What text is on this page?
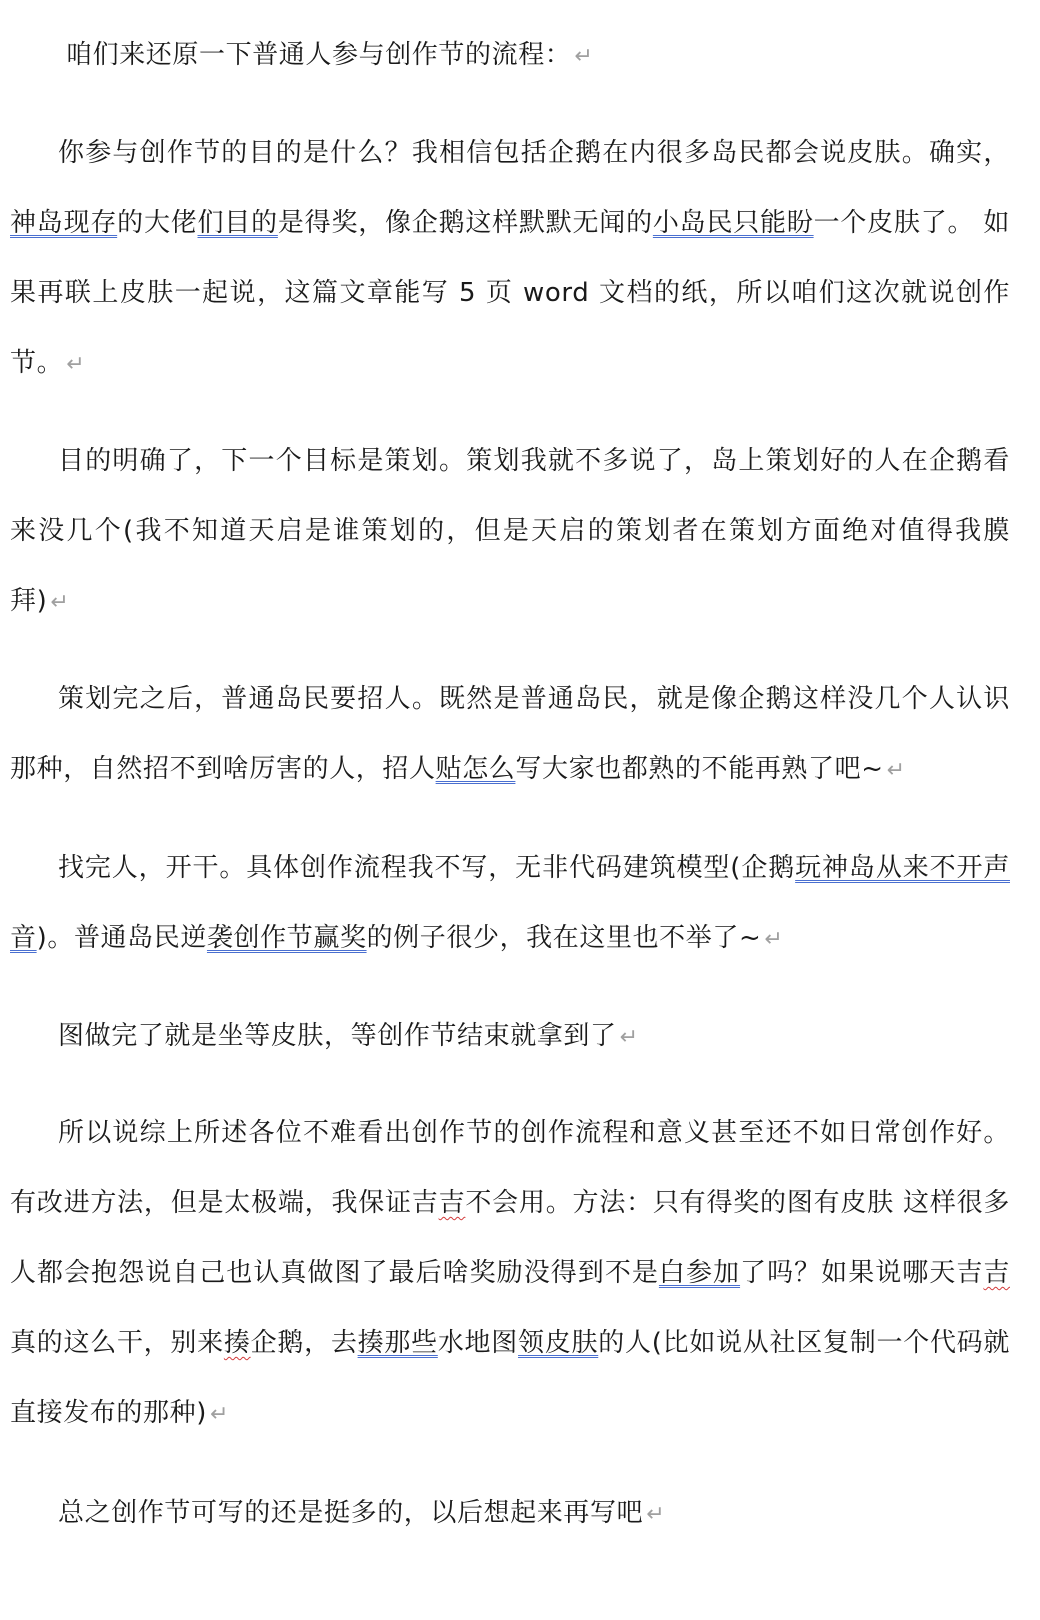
咱们来还原一下普通人参与创作节的流程： ↵

你参与创作节的目的是什么？我相信包括企鹅在内很多岛民都会说皮肤。确实，神岛现存的大佬们目的是得奖，像企鹅这样默默无闻的小岛民只能盼一个皮肤了。 如果再联上皮肤一起说，这篇文章能写 5 页 word 文档的纸，所以咱们这次就说创作节。 ↵

目的明确了，下一个目标是策划。策划我就不多说了，岛上策划好的人在企鹅看来没几个(我不知道天启是谁策划的，但是天启的策划者在策划方面绝对值得我膜拜) ↵

策划完之后，普通岛民要招人。既然是普通岛民，就是像企鹅这样没几个人认识那种，自然招不到啥厉害的人，招人贴怎么写大家也都熟的不能再熟了吧~ ↵

找完人，开干。具体创作流程我不写，无非代码建筑模型(企鹅玩神岛从来不开声音)。普通岛民逆袭创作节赢奖的例子很少，我在这里也不举了~ ↵

图做完了就是坐等皮肤，等创作节结束就拿到了 ↵

所以说综上所述各位不难看出创作节的创作流程和意义甚至还不如日常创作好。有改进方法，但是太极端，我保证吉吉不会用。方法：只有得奖的图有皮肤 这样很多人都会抱怨说自己也认真做图了最后啥奖励没得到不是白参加了吗？如果说哪天吉吉真的这么干，别来揍企鹅，去揍那些水地图领皮肤的人(比如说从社区复制一个代码就直接发布的那种) ↵

总之创作节可写的还是挺多的，以后想起来再写吧 ↵
